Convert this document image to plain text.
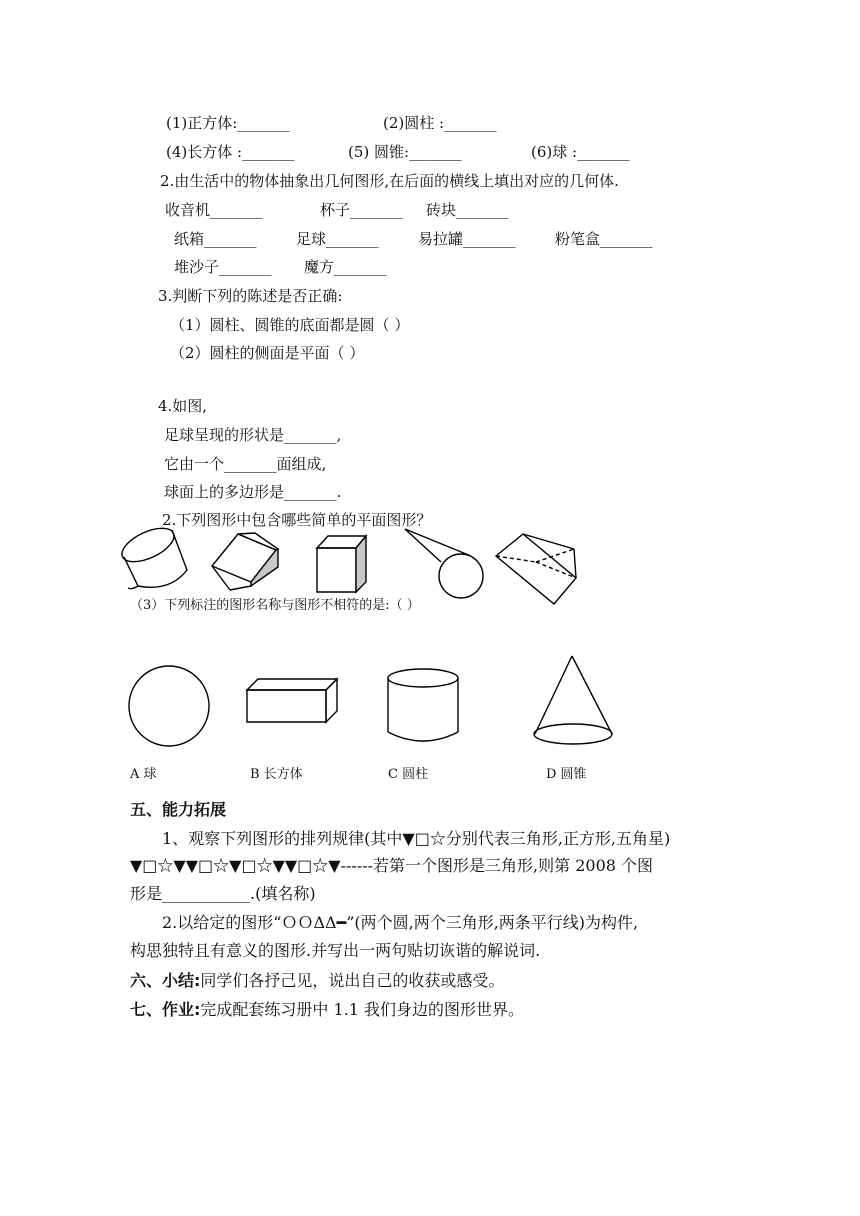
(1)正方体:_______	(2)圆柱 :_______
(4)长方体 :_______	(5) 圆锥:_______	(6)球 :_______
2.由生活中的物体抽象出几何图形,在后面的横线上填出对应的几何体.
收音机_______	杯子_______ 砖块_______
纸箱_______	足球_______	易拉罐_______	粉笔盒_______
堆沙子_______ 魔方_______
3.判断下列的陈述是否正确:
（1）圆柱、圆锥的底面都是圆（ ）
（2）圆柱的侧面是平面（ ）
4.如图,
足球呈现的形状是_______,
它由一个_______面组成,
球面上的多边形是_______.
2.下列图形中包含哪些简单的平面图形？
（3）下列标注的图形名称与图形不相符的是:（ ）
A 球	B 长方体	C 圆柱	D 圆锥
五、能力拓展
1、观察下列图形的排列规律(其中▼□☆分别代表三角形,正方形,五角星)
▼□☆▼▼□☆▼□☆▼▼□☆▼------若第一个图形是三角形,则第 2008 个图
形是___________.(填名称)
2.以给定的图形“ＯＯΔΔ━”(两个圆,两个三角形,两条平行线)为构件,
构思独特且有意义的图形.并写出一两句贴切诙谐的解说词.
六、小结:同学们各抒己见，说出自己的收获或感受。
七、作业:完成配套练习册中 1.1 我们身边的图形世界。
